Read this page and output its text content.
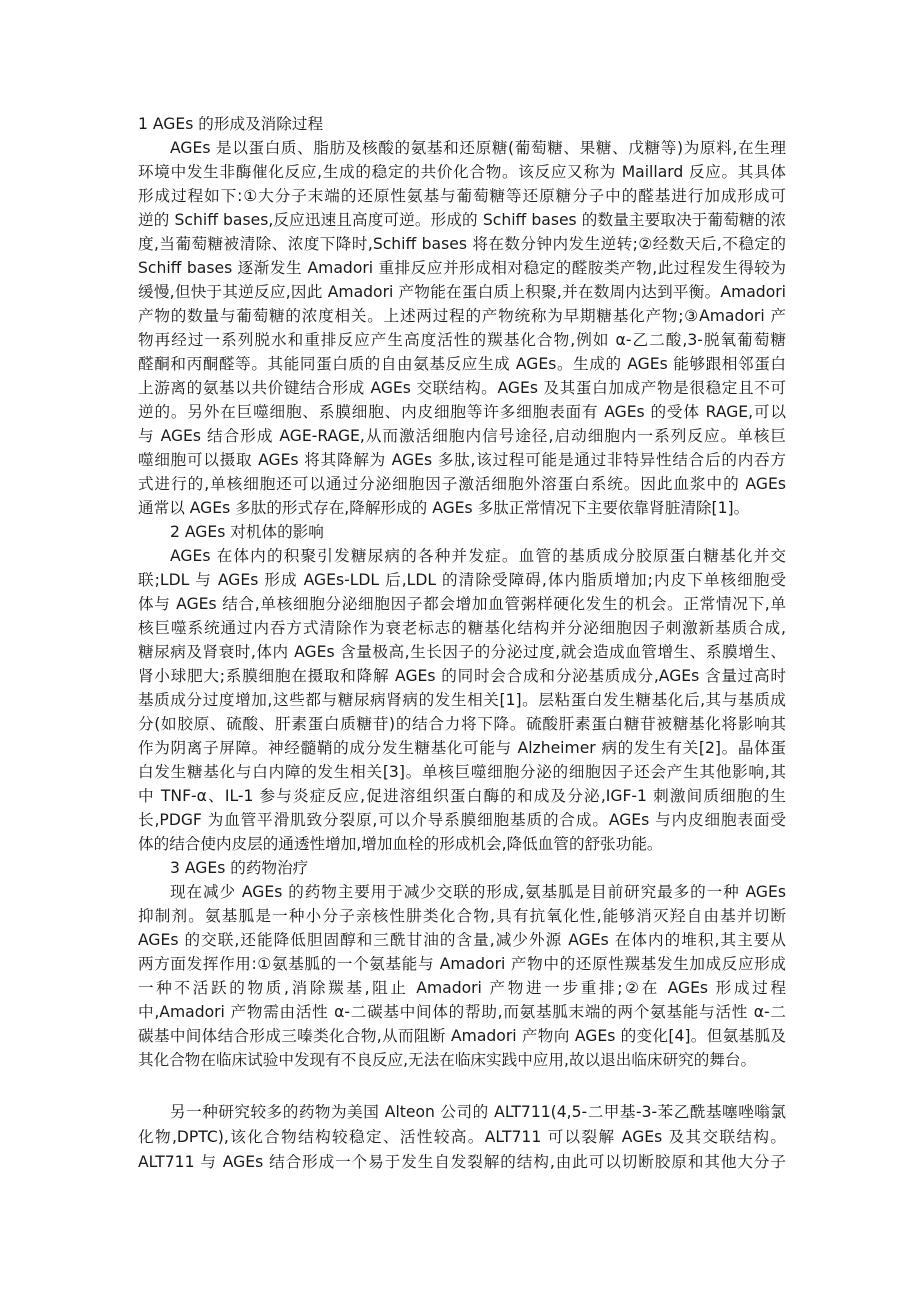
1 AGEs 的形成及消除过程
AGEs 是以蛋白质、脂肪及核酸的氨基和还原糖(葡萄糖、果糖、戊糖等)为原料,在生理
环境中发生非酶催化反应,生成的稳定的共价化合物。该反应又称为 Maillard 反应。其具体
形成过程如下:①大分子末端的还原性氨基与葡萄糖等还原糖分子中的醛基进行加成形成可
逆的 Schiff bases,反应迅速且高度可逆。形成的 Schiff bases 的数量主要取决于葡萄糖的浓
度,当葡萄糖被清除、浓度下降时,Schiff bases 将在数分钟内发生逆转;②经数天后,不稳定的
Schiff bases 逐渐发生 Amadori 重排反应并形成相对稳定的醛胺类产物,此过程发生得较为
缓慢,但快于其逆反应,因此 Amadori 产物能在蛋白质上积聚,并在数周内达到平衡。Amadori
产物的数量与葡萄糖的浓度相关。上述两过程的产物统称为早期糖基化产物;③Amadori 产
物再经过一系列脱水和重排反应产生高度活性的羰基化合物,例如 α-乙二酸,3-脱氧葡萄糖
醛酮和丙酮醛等。其能同蛋白质的自由氨基反应生成 AGEs。生成的 AGEs 能够跟相邻蛋白
上游离的氨基以共价键结合形成 AGEs 交联结构。AGEs 及其蛋白加成产物是很稳定且不可
逆的。另外在巨噬细胞、系膜细胞、内皮细胞等许多细胞表面有 AGEs 的受体 RAGE,可以
与 AGEs 结合形成 AGE-RAGE,从而激活细胞内信号途径,启动细胞内一系列反应。单核巨
噬细胞可以摄取 AGEs 将其降解为 AGEs 多肽,该过程可能是通过非特异性结合后的内吞方
式进行的,单核细胞还可以通过分泌细胞因子激活细胞外溶蛋白系统。因此血浆中的 AGEs
通常以 AGEs 多肽的形式存在,降解形成的 AGEs 多肽正常情况下主要依靠肾脏清除[1]。
2 AGEs 对机体的影响
AGEs 在体内的积聚引发糖尿病的各种并发症。血管的基质成分胶原蛋白糖基化并交
联;LDL 与 AGEs 形成 AGEs-LDL 后,LDL 的清除受障碍,体内脂质增加;内皮下单核细胞受
体与 AGEs 结合,单核细胞分泌细胞因子都会增加血管粥样硬化发生的机会。正常情况下,单
核巨噬系统通过内吞方式清除作为衰老标志的糖基化结构并分泌细胞因子刺激新基质合成,
糖尿病及肾衰时,体内 AGEs 含量极高,生长因子的分泌过度,就会造成血管增生、系膜增生、
肾小球肥大;系膜细胞在摄取和降解 AGEs 的同时会合成和分泌基质成分,AGEs 含量过高时
基质成分过度增加,这些都与糖尿病肾病的发生相关[1]。层粘蛋白发生糖基化后,其与基质成
分(如胶原、硫酸、肝素蛋白质糖苷)的结合力将下降。硫酸肝素蛋白糖苷被糖基化将影响其
作为阴离子屏障。神经髓鞘的成分发生糖基化可能与 Alzheimer 病的发生有关[2]。晶体蛋
白发生糖基化与白内障的发生相关[3]。单核巨噬细胞分泌的细胞因子还会产生其他影响,其
中 TNF-α、IL-1 参与炎症反应,促进溶组织蛋白酶的和成及分泌,IGF-1 刺激间质细胞的生
长,PDGF 为血管平滑肌致分裂原,可以介导系膜细胞基质的合成。AGEs 与内皮细胞表面受
体的结合使内皮层的通透性增加,增加血栓的形成机会,降低血管的舒张功能。
3 AGEs 的药物治疗
现在减少 AGEs 的药物主要用于减少交联的形成,氨基胍是目前研究最多的一种 AGEs
抑制剂。氨基胍是一种小分子亲核性肼类化合物,具有抗氧化性,能够消灭羟自由基并切断
AGEs 的交联,还能降低胆固醇和三酰甘油的含量,减少外源 AGEs 在体内的堆积,其主要从
两方面发挥作用:①氨基胍的一个氨基能与 Amadori 产物中的还原性羰基发生加成反应形成
一种不活跃的物质,消除羰基,阻止 Amadori 产物进一步重排;②在 AGEs 形成过程
中,Amadori 产物需由活性 α-二碳基中间体的帮助,而氨基胍末端的两个氨基能与活性 α-二
碳基中间体结合形成三嗪类化合物,从而阻断 Amadori 产物向 AGEs 的变化[4]。但氨基胍及
其化合物在临床试验中发现有不良反应,无法在临床实践中应用,故以退出临床研究的舞台。
另一种研究较多的药物为美国 Alteon 公司的 ALT711(4,5-二甲基-3-苯乙酰基噻唑嗡氯
化物,DPTC),该化合物结构较稳定、活性较高。ALT711 可以裂解 AGEs 及其交联结构。
ALT711 与 AGEs 结合形成一个易于发生自发裂解的结构,由此可以切断胶原和其他大分子
